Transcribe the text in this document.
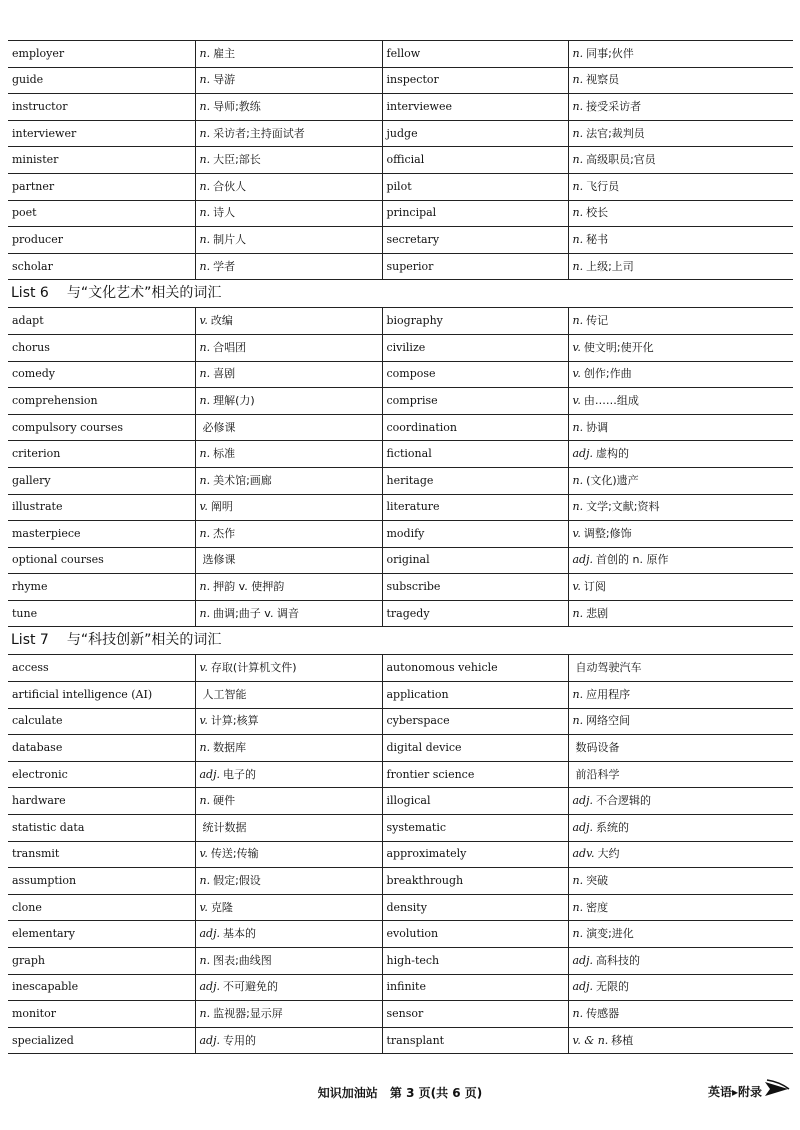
employer	n. 雇主	fellow	n. 同事;伙伴
guide	n. 导游	inspector	n. 视察员
instructor	n. 导师;教练	interviewee	n. 接受采访者
interviewer	n. 采访者;主持面试者	judge	n. 法官;裁判员
minister	n. 大臣;部长	official	n. 高级职员;官员
partner	n. 合伙人	pilot	n. 飞行员
poet	n. 诗人	principal	n. 校长
producer	n. 制片人	secretary	n. 秘书
scholar	n. 学者	superior	n. 上级;上司
List 6 与“文化艺术”相关的词汇
adapt	v. 改编	biography	n. 传记
chorus	n. 合唱团	civilize	v. 使文明;使开化
comedy	n. 喜剧	compose	v. 创作;作曲
comprehension	n. 理解(力)	comprise	v. 由……组成
compulsory courses	必修课	coordination	n. 协调
criterion	n. 标准	fictional	adj. 虚构的
gallery	n. 美术馆;画廊	heritage	n. (文化)遗产
illustrate	v. 阐明	literature	n. 文学;文献;资料
masterpiece	n. 杰作	modify	v. 调整;修饰
optional courses	选修课	original	adj. 首创的 n. 原作
rhyme	n. 押韵 v. 使押韵	subscribe	v. 订阅
tune	n. 曲调;曲子 v. 调音	tragedy	n. 悲剧
List 7 与“科技创新”相关的词汇
access	v. 存取(计算机文件)	autonomous vehicle	自动驾驶汽车
artificial intelligence (AI)	人工智能	application	n. 应用程序
calculate	v. 计算;核算	cyberspace	n. 网络空间
database	n. 数据库	digital device	数码设备
electronic	adj. 电子的	frontier science	前沿科学
hardware	n. 硬件	illogical	adj. 不合逻辑的
statistic data	统计数据	systematic	adj. 系统的
transmit	v. 传送;传输	approximately	adv. 大约
assumption	n. 假定;假设	breakthrough	n. 突破
clone	v. 克隆	density	n. 密度
elementary	adj. 基本的	evolution	n. 演变;进化
graph	n. 图表;曲线图	high-tech	adj. 高科技的
inescapable	adj. 不可避免的	infinite	adj. 无限的
monitor	n. 监视器;显示屏	sensor	n. 传感器
specialized	adj. 专用的	transplant	v. & n. 移植
知识加油站 第 3 页(共 6 页)	英语▸附录
